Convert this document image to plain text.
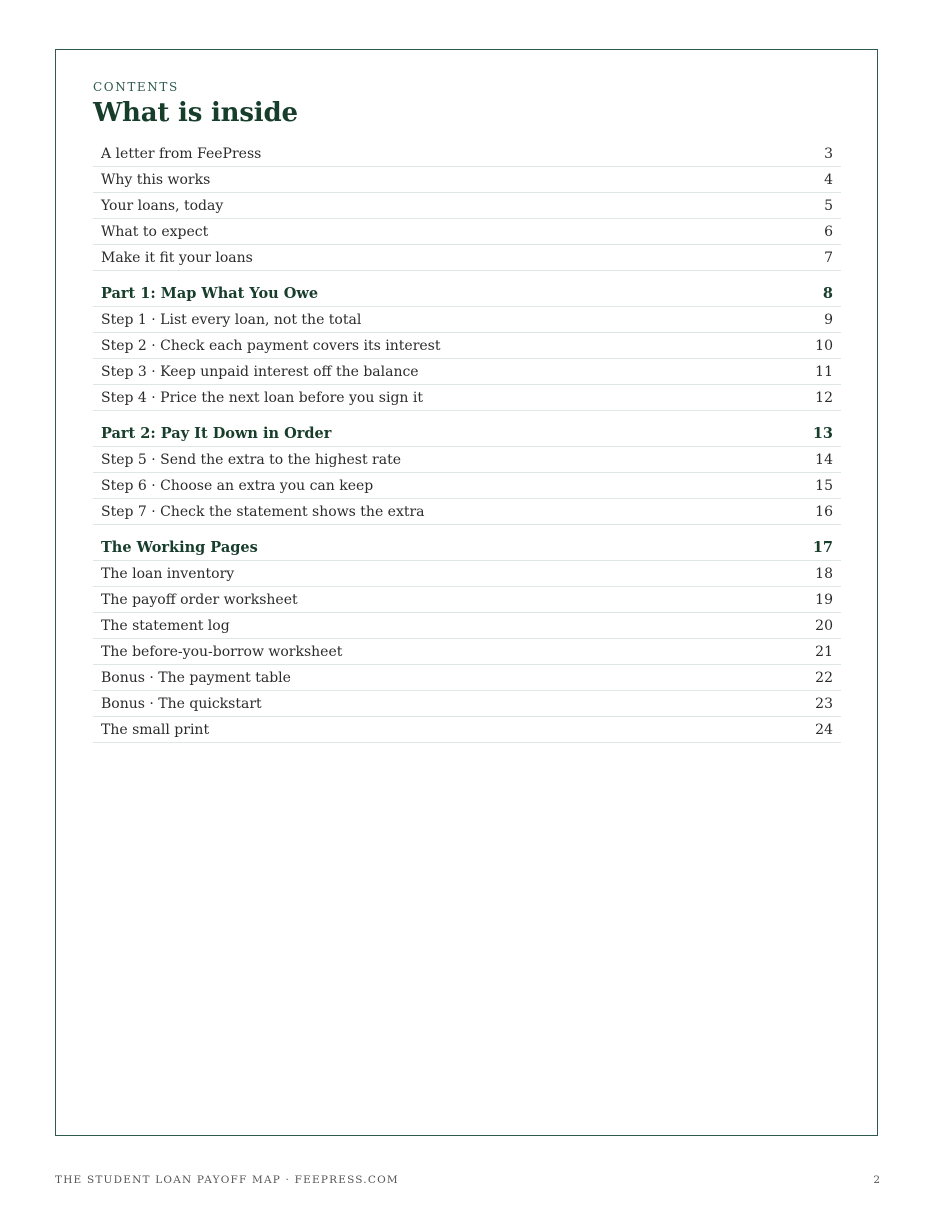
CONTENTS
What is inside
A letter from FeePress	3
Why this works	4
Your loans, today	5
What to expect	6
Make it fit your loans	7
Part 1: Map What You Owe	8
Step 1 · List every loan, not the total	9
Step 2 · Check each payment covers its interest	10
Step 3 · Keep unpaid interest off the balance	11
Step 4 · Price the next loan before you sign it	12
Part 2: Pay It Down in Order	13
Step 5 · Send the extra to the highest rate	14
Step 6 · Choose an extra you can keep	15
Step 7 · Check the statement shows the extra	16
The Working Pages	17
The loan inventory	18
The payoff order worksheet	19
The statement log	20
The before-you-borrow worksheet	21
Bonus · The payment table	22
Bonus · The quickstart	23
The small print	24
THE STUDENT LOAN PAYOFF MAP · FEEPRESS.COM	2
